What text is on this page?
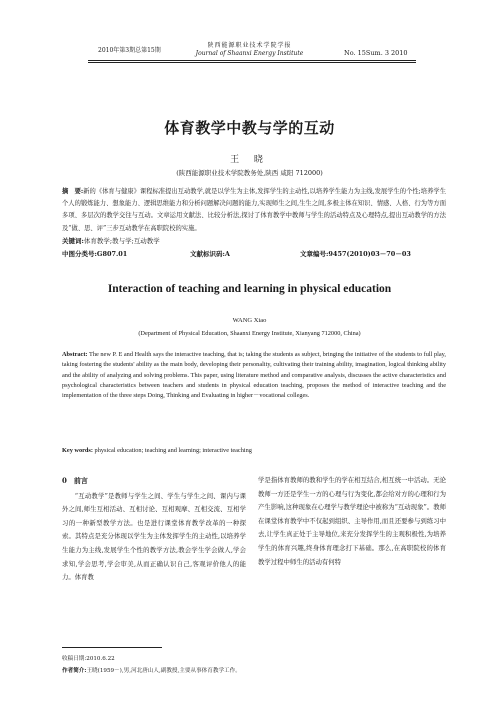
陕西能源职业技术学院学报
2010年第3期总第15期	Journal of Shaanxi Energy Institute	No. 15Sum. 3 2010
体育教学中教与学的互动
王 晓
(陕西能源职业技术学院教务处,陕西 咸阳 712000)
摘　要:新的《体育与健康》课程标准提出互动教学,就是以学生为主体,发挥学生的主动性,以培养学生能力为主线,发展学生的个性;培养学生个人的锻炼能力、想象能力、逻辑思维能力和分析问题解决问题的能力,实现师生之间,生生之间,多极主体在知识、情感、人格、行为等方面多项、多层次的教学交往与互动。文章运用文献法、比较分析法,探讨了体育教学中教师与学生的活动特点及心理特点,提出互动教学的方法及“做、思、评”三步互动教学在高职院校的实施。
关键词:体育教学;教与学;互动教学
中图分类号:G807.01	文献标识码:A	文章编号:9457(2010)03－70－03
Interaction of teaching and learning in physical education
WANG Xiao
(Department of Physical Education, Shaanxi Energy Institute, Xianyang 712000, China)
Abstract: The new P. E and Health says the interactive teaching, that is; taking the students as subject, bringing the initiative of the students to full play, taking fostering the students' ability as the main body, developing their personality, cultivating their training ability, imagination, logical thinking ability and the ability of analyzing and solving problems. This paper, using literature method and comparative analysis, discusses the active characteristics and psychological characteristics between teachers and students in physical education teaching, proposes the method of interactive teaching and the implementation of the three steps Doing, Thinking and Evaluating in higher－vocational colleges.
Key words: physical education; teaching and learning; interactive teaching
0　前言
“互动教学”是教师与学生之间、学生与学生之间、课内与课外之间,师生互相活动、互相讨论、互相观摩、互相交流、互相学习的一种新型教学方法。也是进行课堂体育教学改革的一种探索。其特点是充分体现以学生为主体发挥学生的主动性,以培养学生能力为主线,发展学生个性的教学方法,教会学生学会做人,学会求知,学会思考,学会审美,从而正确认识自己,客观评价他人的能力。体育教
学是指体育教师的教和学生的学在相互结合,相互统一中活动。无论教师一方还是学生一方的心理与行为变化,都会给对方的心理和行为产生影响,这种现象在心理学与教学理论中被称为“互动现象”。教师在课堂体育教学中不仅起到组织、主导作用,而且还要参与到练习中去,让学生真正处于主导地位,来充分发挥学生的主观积极性,为培养学生的体育兴趣,终身体育理念打下基础。那么,在高职院校的体育教学过程中师生的活动有何特
收稿日期:2010.6.22
作者简介:王晓(1959－),男,河北唐山人,副教授,主要从事体育教学工作。
